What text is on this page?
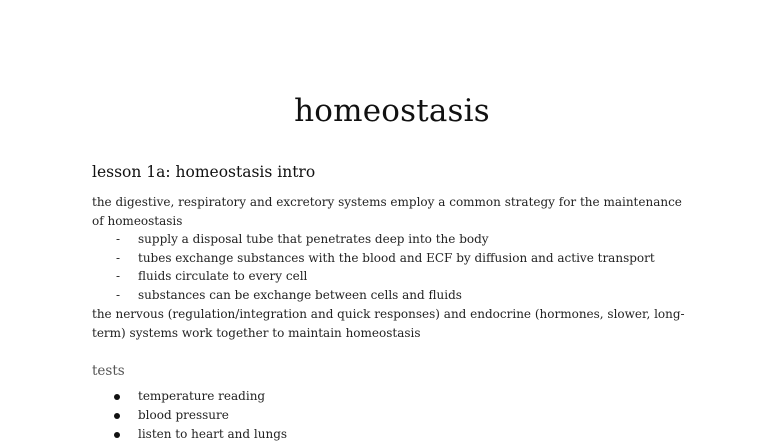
homeostasis
lesson 1a: homeostasis intro

the digestive, respiratory and excretory systems employ a common strategy for the maintenance of homeostasis

- supply a disposal tube that penetrates deep into the body
- tubes exchange substances with the blood and ECF by diffusion and active transport
- fluids circulate to every cell
- substances can be exchange between cells and fluids

the nervous (regulation/integration and quick responses) and endocrine (hormones, slower, long-term) systems work together to maintain homeostasis

tests
temperature reading
blood pressure
listen to heart and lungs
